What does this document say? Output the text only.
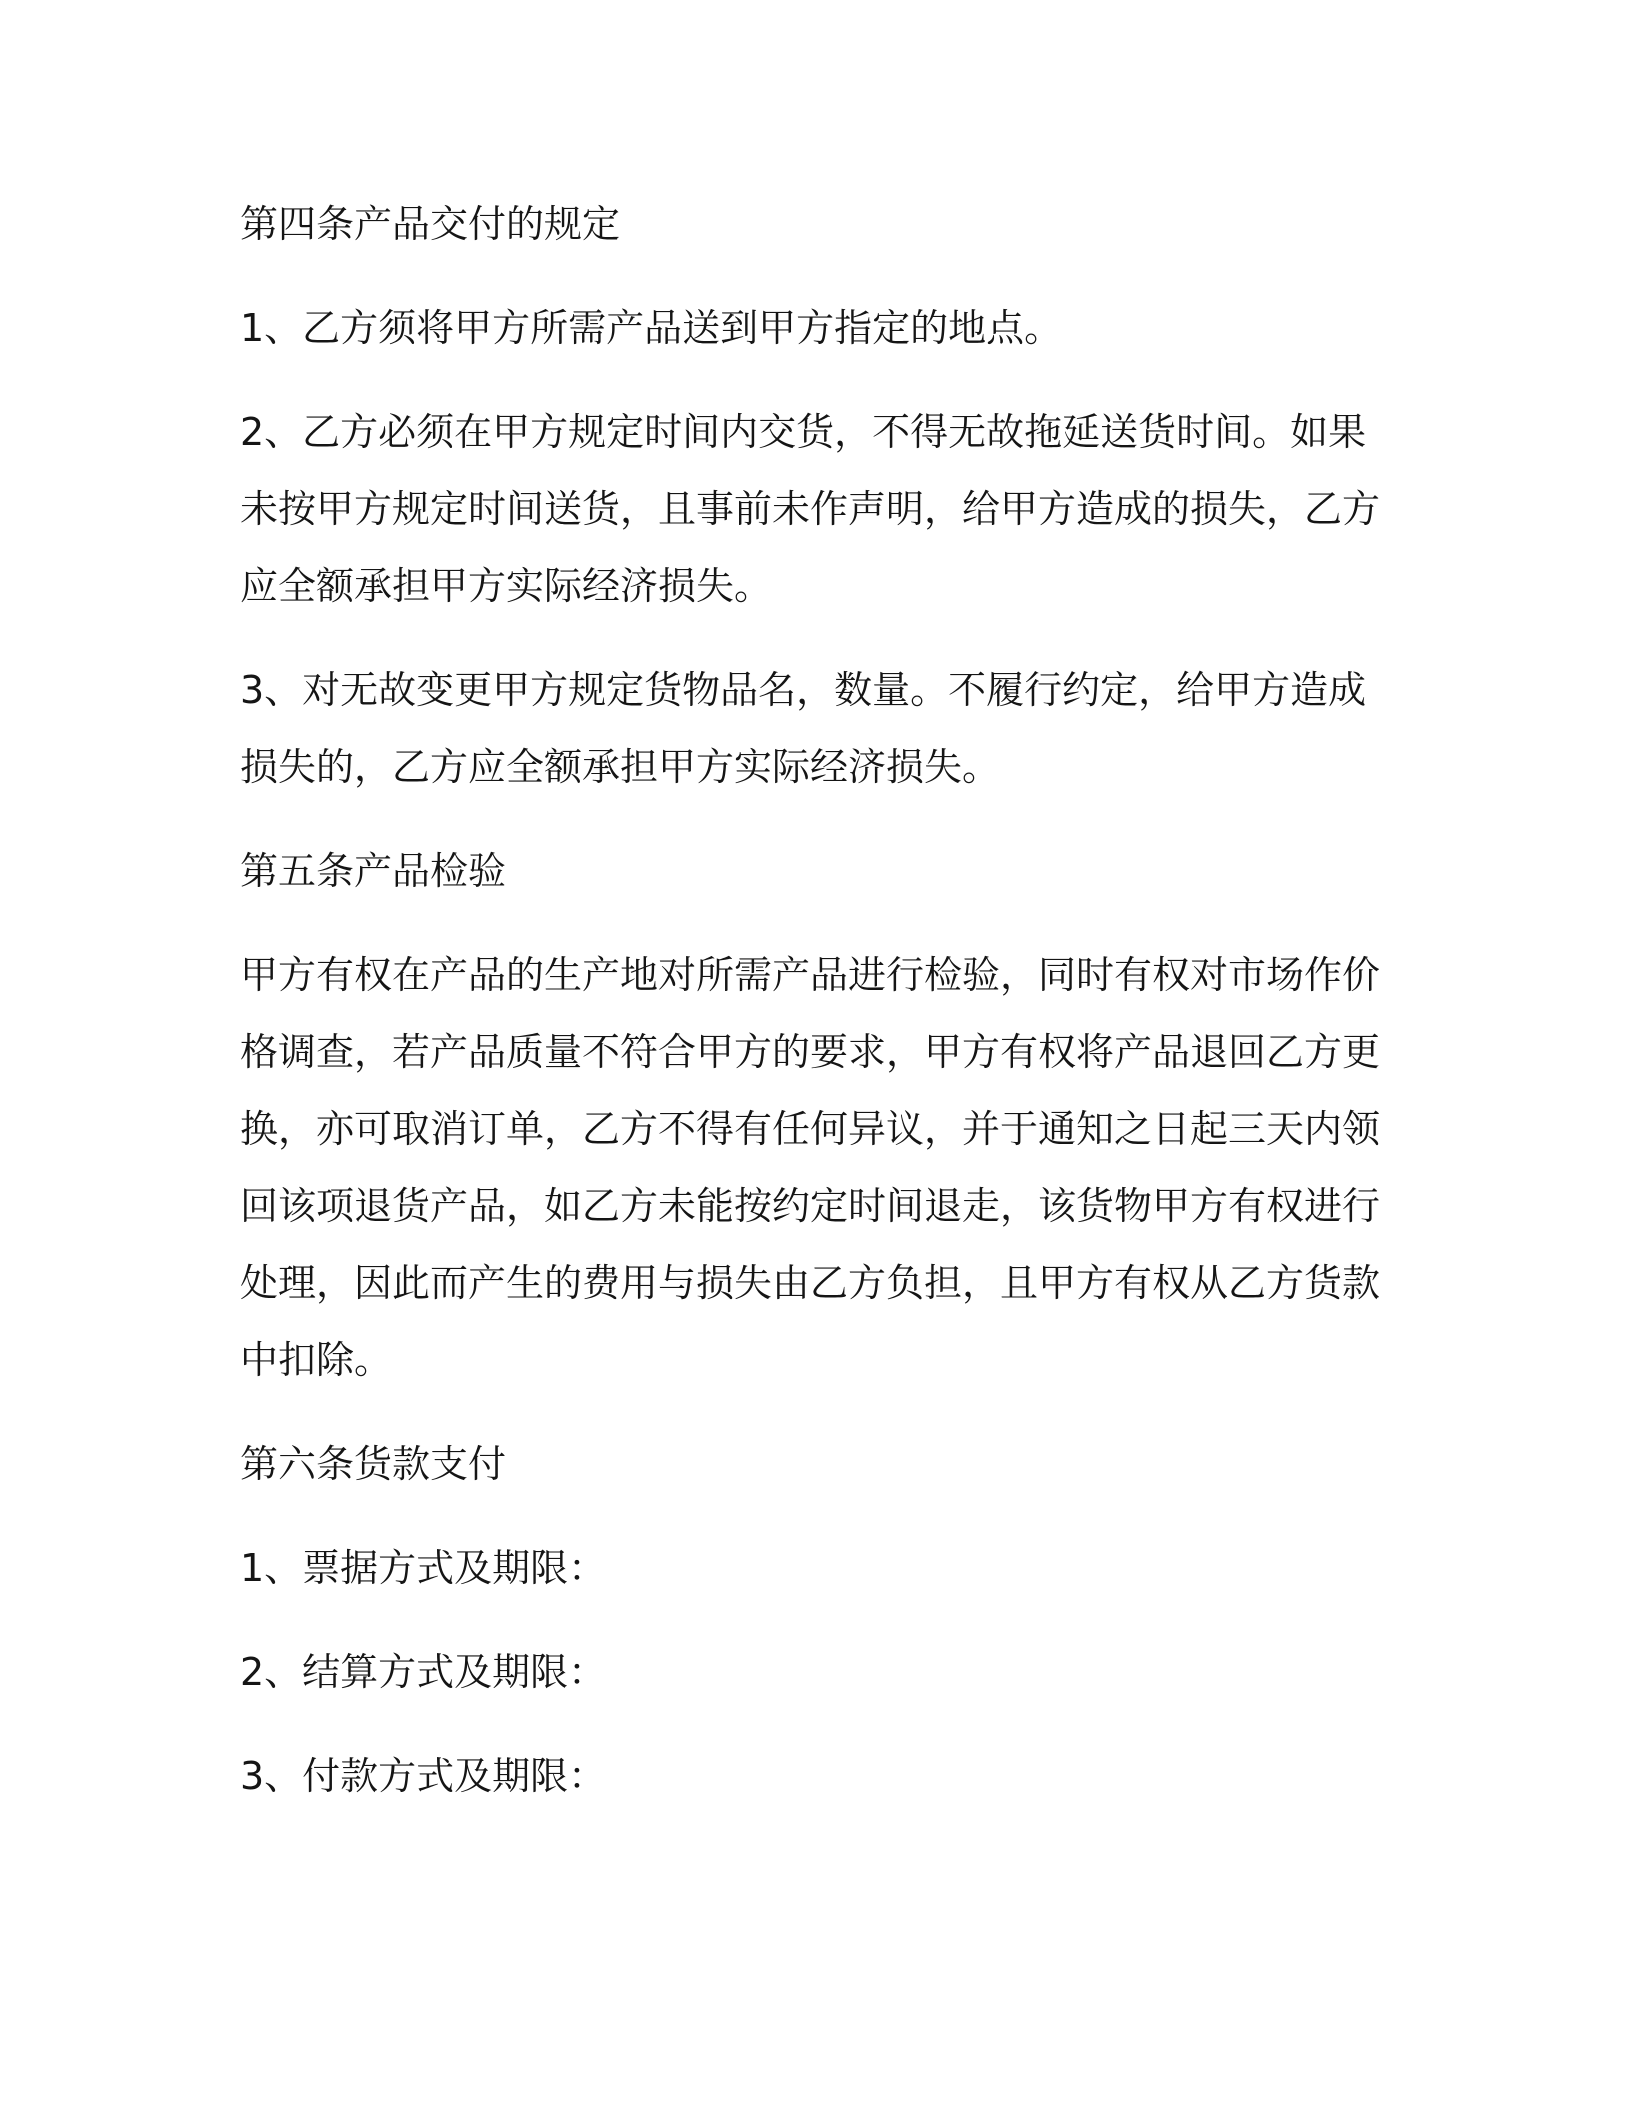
第四条产品交付的规定

1、乙方须将甲方所需产品送到甲方指定的地点。

2、乙方必须在甲方规定时间内交货，不得无故拖延送货时间。如果未按甲方规定时间送货，且事前未作声明，给甲方造成的损失，乙方应全额承担甲方实际经济损失。

3、对无故变更甲方规定货物品名，数量。不履行约定，给甲方造成损失的，乙方应全额承担甲方实际经济损失。

第五条产品检验

甲方有权在产品的生产地对所需产品进行检验，同时有权对市场作价格调查，若产品质量不符合甲方的要求，甲方有权将产品退回乙方更换，亦可取消订单，乙方不得有任何异议，并于通知之日起三天内领回该项退货产品，如乙方未能按约定时间退走，该货物甲方有权进行处理，因此而产生的费用与损失由乙方负担，且甲方有权从乙方货款中扣除。

第六条货款支付

1、票据方式及期限：

2、结算方式及期限：

3、付款方式及期限：
